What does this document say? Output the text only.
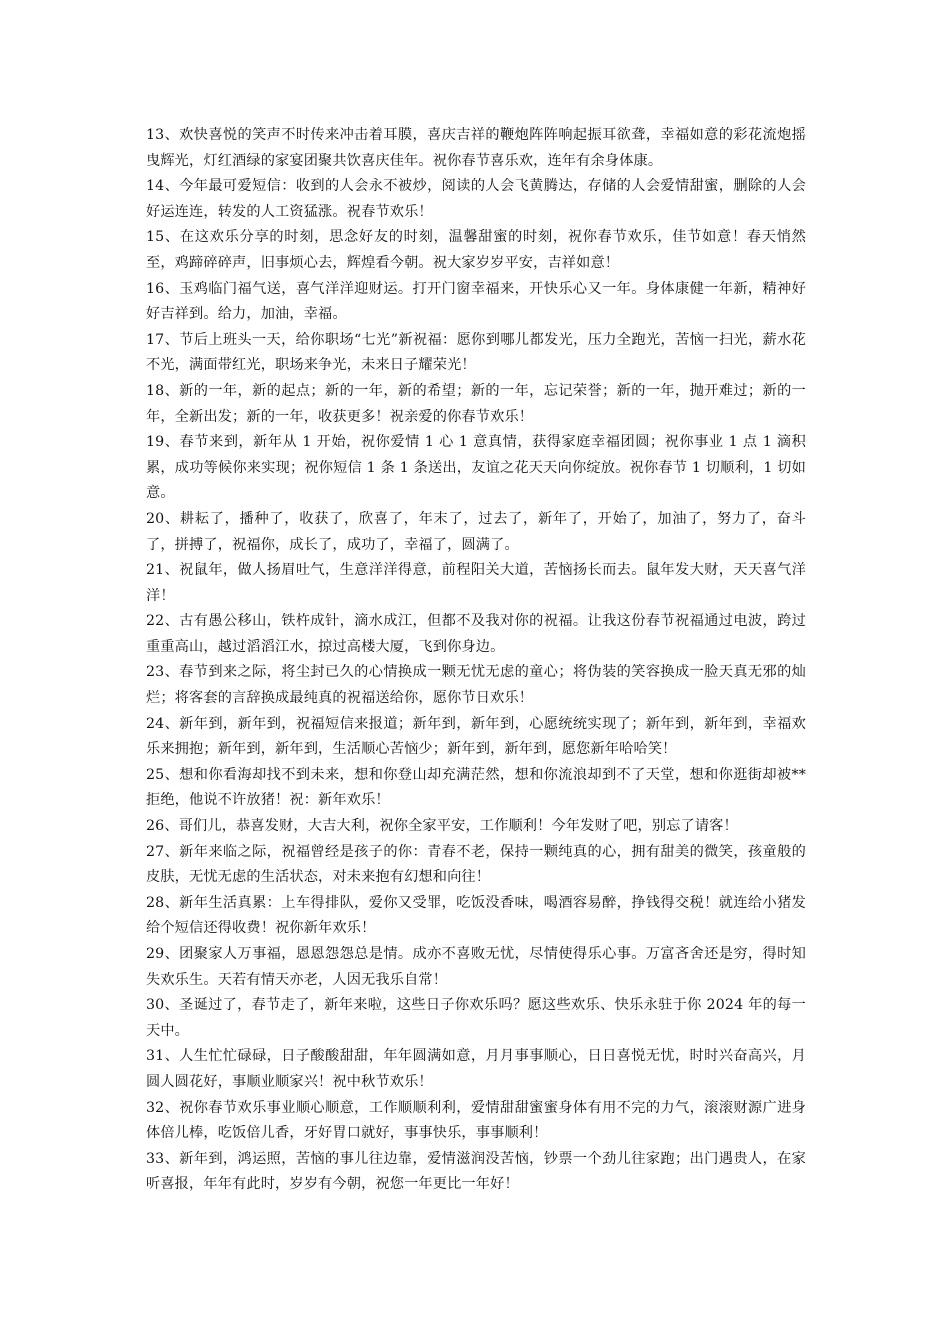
13、欢快喜悦的笑声不时传来冲击着耳膜，喜庆吉祥的鞭炮阵阵响起振耳欲聋，幸福如意的彩花流炮摇曳辉光，灯红酒绿的家宴团聚共饮喜庆佳年。祝你春节喜乐欢，连年有余身体康。

14、今年最可爱短信：收到的人会永不被炒，阅读的人会飞黄腾达，存储的人会爱情甜蜜，删除的人会好运连连，转发的人工资猛涨。祝春节欢乐！

15、在这欢乐分享的时刻，思念好友的时刻，温馨甜蜜的时刻，祝你春节欢乐，佳节如意！春天悄然至，鸡蹄碎碎声，旧事烦心去，辉煌看今朝。祝大家岁岁平安，吉祥如意！

16、玉鸡临门福气送，喜气洋洋迎财运。打开门窗幸福来，开快乐心又一年。身体康健一年新，精神好好吉祥到。给力，加油，幸福。

17、节后上班头一天，给你职场“七光”新祝福：愿你到哪儿都发光，压力全跑光，苦恼一扫光，薪水花不光，满面带红光，职场来争光，未来日子耀荣光！

18、新的一年，新的起点；新的一年，新的希望；新的一年，忘记荣誉；新的一年，抛开难过；新的一年，全新出发；新的一年，收获更多！祝亲爱的你春节欢乐！

19、春节来到，新年从 1 开始，祝你爱情 1 心 1 意真情，获得家庭幸福团圆；祝你事业 1 点 1 滴积累，成功等候你来实现；祝你短信 1 条 1 条送出，友谊之花天天向你绽放。祝你春节 1 切顺利，1 切如意。

20、耕耘了，播种了，收获了，欣喜了，年末了，过去了，新年了，开始了，加油了，努力了，奋斗了，拼搏了，祝福你，成长了，成功了，幸福了，圆满了。

21、祝鼠年，做人扬眉吐气，生意洋洋得意，前程阳关大道，苦恼扬长而去。鼠年发大财，天天喜气洋洋！

22、古有愚公移山，铁杵成针，滴水成江，但都不及我对你的祝福。让我这份春节祝福通过电波，跨过重重高山，越过滔滔江水，掠过高楼大厦，飞到你身边。

23、春节到来之际，将尘封已久的心情换成一颗无忧无虑的童心；将伪装的笑容换成一脸天真无邪的灿烂；将客套的言辞换成最纯真的祝福送给你，愿你节日欢乐！

24、新年到，新年到，祝福短信来报道；新年到，新年到，心愿统统实现了；新年到，新年到，幸福欢乐来拥抱；新年到，新年到，生活顺心苦恼少；新年到，新年到，愿您新年哈哈笑！

25、想和你看海却找不到未来，想和你登山却充满茫然，想和你流浪却到不了天堂，想和你逛街却被**拒绝，他说不许放猪！祝：新年欢乐！

26、哥们儿，恭喜发财，大吉大利，祝你全家平安，工作顺利！今年发财了吧，别忘了请客！

27、新年来临之际，祝福曾经是孩子的你：青春不老，保持一颗纯真的心，拥有甜美的微笑，孩童般的皮肤，无忧无虑的生活状态，对未来抱有幻想和向往！

28、新年生活真累：上车得排队，爱你又受罪，吃饭没香味，喝酒容易醉，挣钱得交税！就连给小猪发给个短信还得收费！祝你新年欢乐！

29、团聚家人万事福，恩恩怨怨总是情。成亦不喜败无忧，尽情使得乐心事。万富吝舍还是穷，得时知失欢乐生。天若有情天亦老，人因无我乐自常！

30、圣诞过了，春节走了，新年来啦，这些日子你欢乐吗？愿这些欢乐、快乐永驻于你 2024 年的每一天中。

31、人生忙忙碌碌，日子酸酸甜甜，年年圆满如意，月月事事顺心，日日喜悦无忧，时时兴奋高兴，月圆人圆花好，事顺业顺家兴！祝中秋节欢乐！

32、祝你春节欢乐事业顺心顺意，工作顺顺利利，爱情甜甜蜜蜜身体有用不完的力气，滚滚财源广进身体倍儿棒，吃饭倍儿香，牙好胃口就好，事事快乐，事事顺利！

33、新年到，鸿运照，苦恼的事儿往边靠，爱情滋润没苦恼，钞票一个劲儿往家跑；出门遇贵人，在家听喜报，年年有此时，岁岁有今朝，祝您一年更比一年好！
